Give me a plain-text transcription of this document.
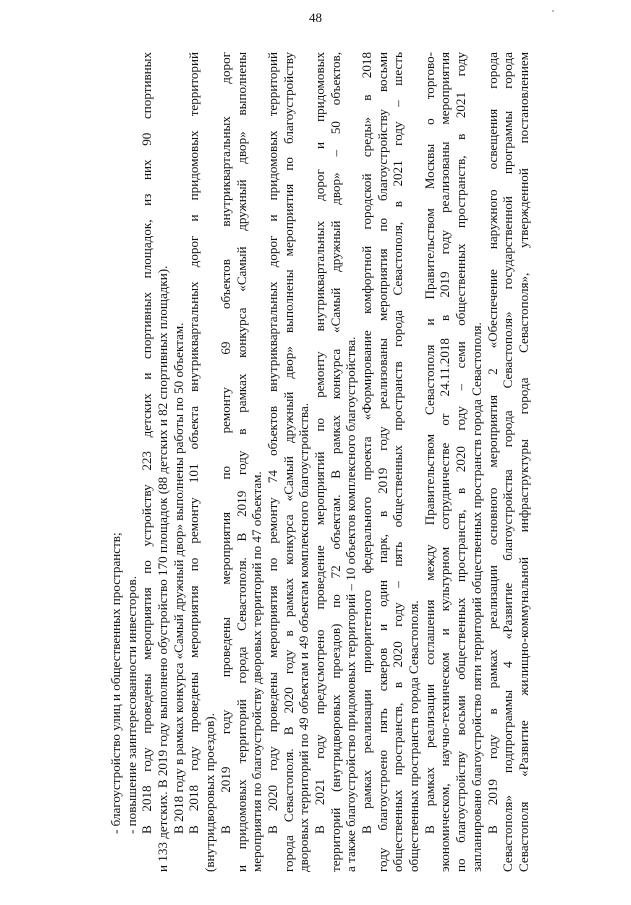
48
- благоустройство улиц и общественных пространств; - повышение заинтересованности инвесторов. В 2018 году проведены мероприятия по устройству 223 детских и спортивных площадок, из них 90 спортивных и 133 детских. В 2019 году выполнено обустройство 170 площадок (88 детских и 82 спортивных площадки). В 2018 году в рамках конкурса «Самый дружный двор» выполнены работы по 50 объектам. В 2018 году проведены мероприятия по ремонту 101 объекта внутриквартальных дорог и придомовых территорий (внутридворовых проездов). В 2019 году проведены мероприятия по ремонту 69 объектов внутриквартальных дорог и придомовых территорий города Севастополя. В 2019 году в рамках конкурса «Самый дружный двор» выполнены мероприятия по благоустройству дворовых территорий по 47 объектам. В 2020 году проведены мероприятия по ремонту 74 объектов внутриквартальных дорог и придомовых территорий города Севастополя. В 2020 году в рамках конкурса «Самый дружный двор» выполнены мероприятия по благоустройству дворовых территорий по 49 объектам и 49 объектам комплексного благоустройства. В 2021 году предусмотрено проведение мероприятий по ремонту внутриквартальных дорог и придомовых территорий (внутридворовых проездов) по 72 объектам. В рамках конкурса «Самый дружный двор» – 50 объектов, а также благоустройство придомовых территорий – 10 объектов комплексного благоустройства. В рамках реализации приоритетного федерального проекта «Формирование комфортной городской среды» в 2018 году благоустроено пять скверов и один парк, в 2019 году реализованы мероприятия по благоустройству восьми общественных пространств, в 2020 году – пять общественных пространств города Севастополя, в 2021 году – шесть общественных пространств города Севастополя. В рамках реализации соглашения между Правительством Севастополя и Правительством Москвы о торгово- экономическом, научно-техническом и культурном сотрудничестве от 24.11.2018 в 2019 году реализованы мероприятия по благоустройству восьми общественных пространств, в 2020 году – семи общественных пространств, в 2021 году запланировано благоустройство пяти территорий общественных пространств города Севастополя. В 2019 году в рамках реализации основного мероприятия 2 «Обеспечение наружного освещения города Севастополя» подпрограммы 4 «Развитие благоустройства города Севастополя» государственной программы города Севастополя «Развитие жилищно-коммунальной инфраструктуры города Севастополя», утвержденной постановлением
